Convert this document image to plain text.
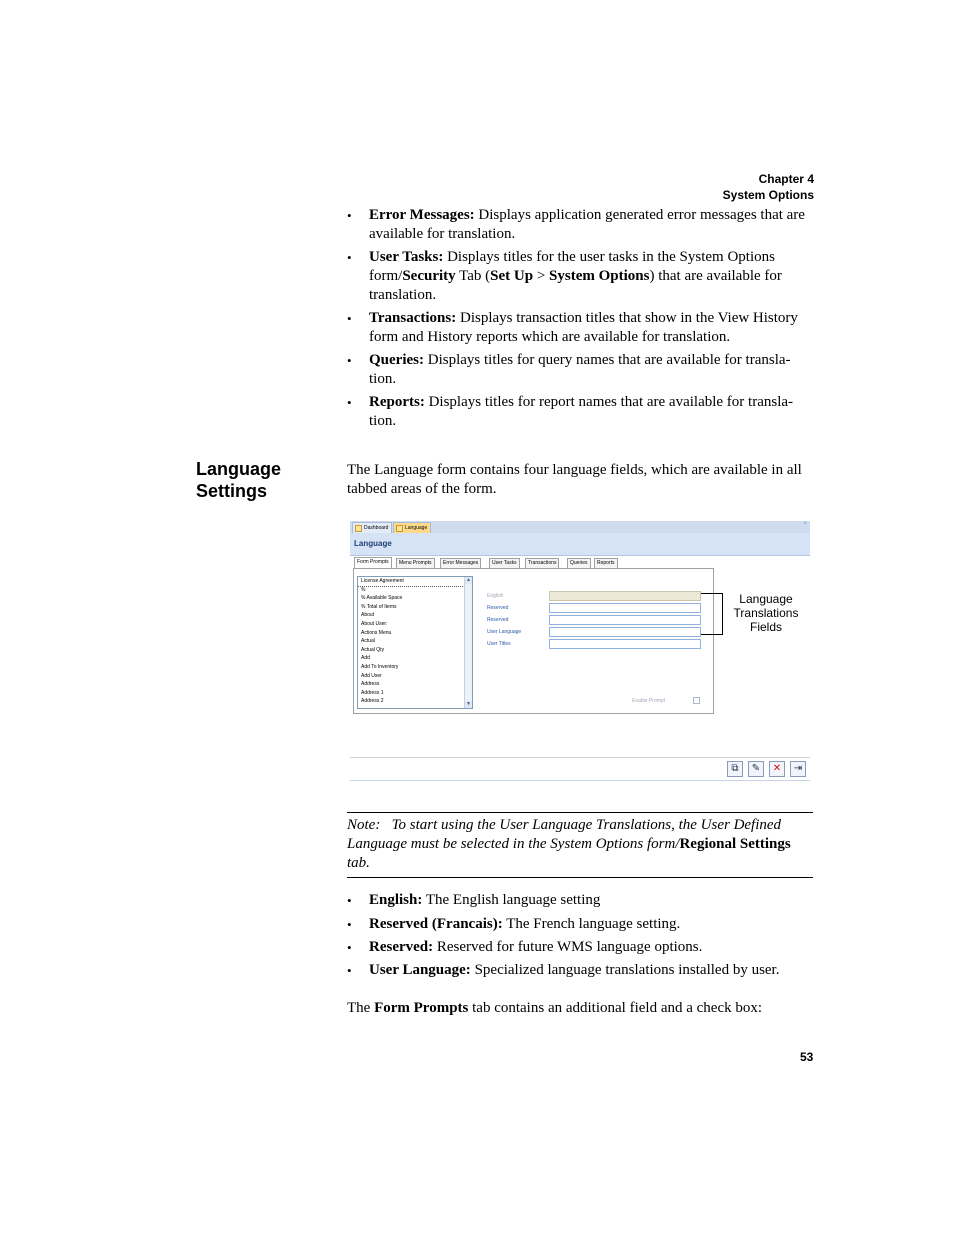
Chapter 4
System Options
• Error Messages: Displays application generated error messages that are available for translation.
• User Tasks: Displays titles for the user tasks in the System Options form/Security Tab (Set Up > System Options) that are available for translation.
• Transactions: Displays transaction titles that show in the View History form and History reports which are available for translation.
• Queries: Displays titles for query names that are available for transla-tion.
• Reports: Displays titles for report names that are available for transla-tion.
Language
Settings
The Language form contains four language fields, which are available in all tabbed areas of the form.
Dashboard	Language
×
Language
Form Prompts	Menu Prompts	Error Messages	User Tasks	Transactions	Queries	Reports
License Agreement
%
% Available Space
% Total of Items
About
About User:
Actions Menu
Actual
Actual Qty
Add
Add To Inventory
Add User
Address
Address 1
Address 2
▲
▼
English
Reserved
Reserved
User Language
User Titles
Enable Prompt
⧉	✎	✕	⇥
Language
Translations
Fields
Note: To start using the User Language Translations, the User Defined Language must be selected in the System Options form/Regional Settings tab.
• English: The English language setting
• Reserved (Francais): The French language setting.
• Reserved: Reserved for future WMS language options.
• User Language: Specialized language translations installed by user.
The Form Prompts tab contains an additional field and a check box:
53
